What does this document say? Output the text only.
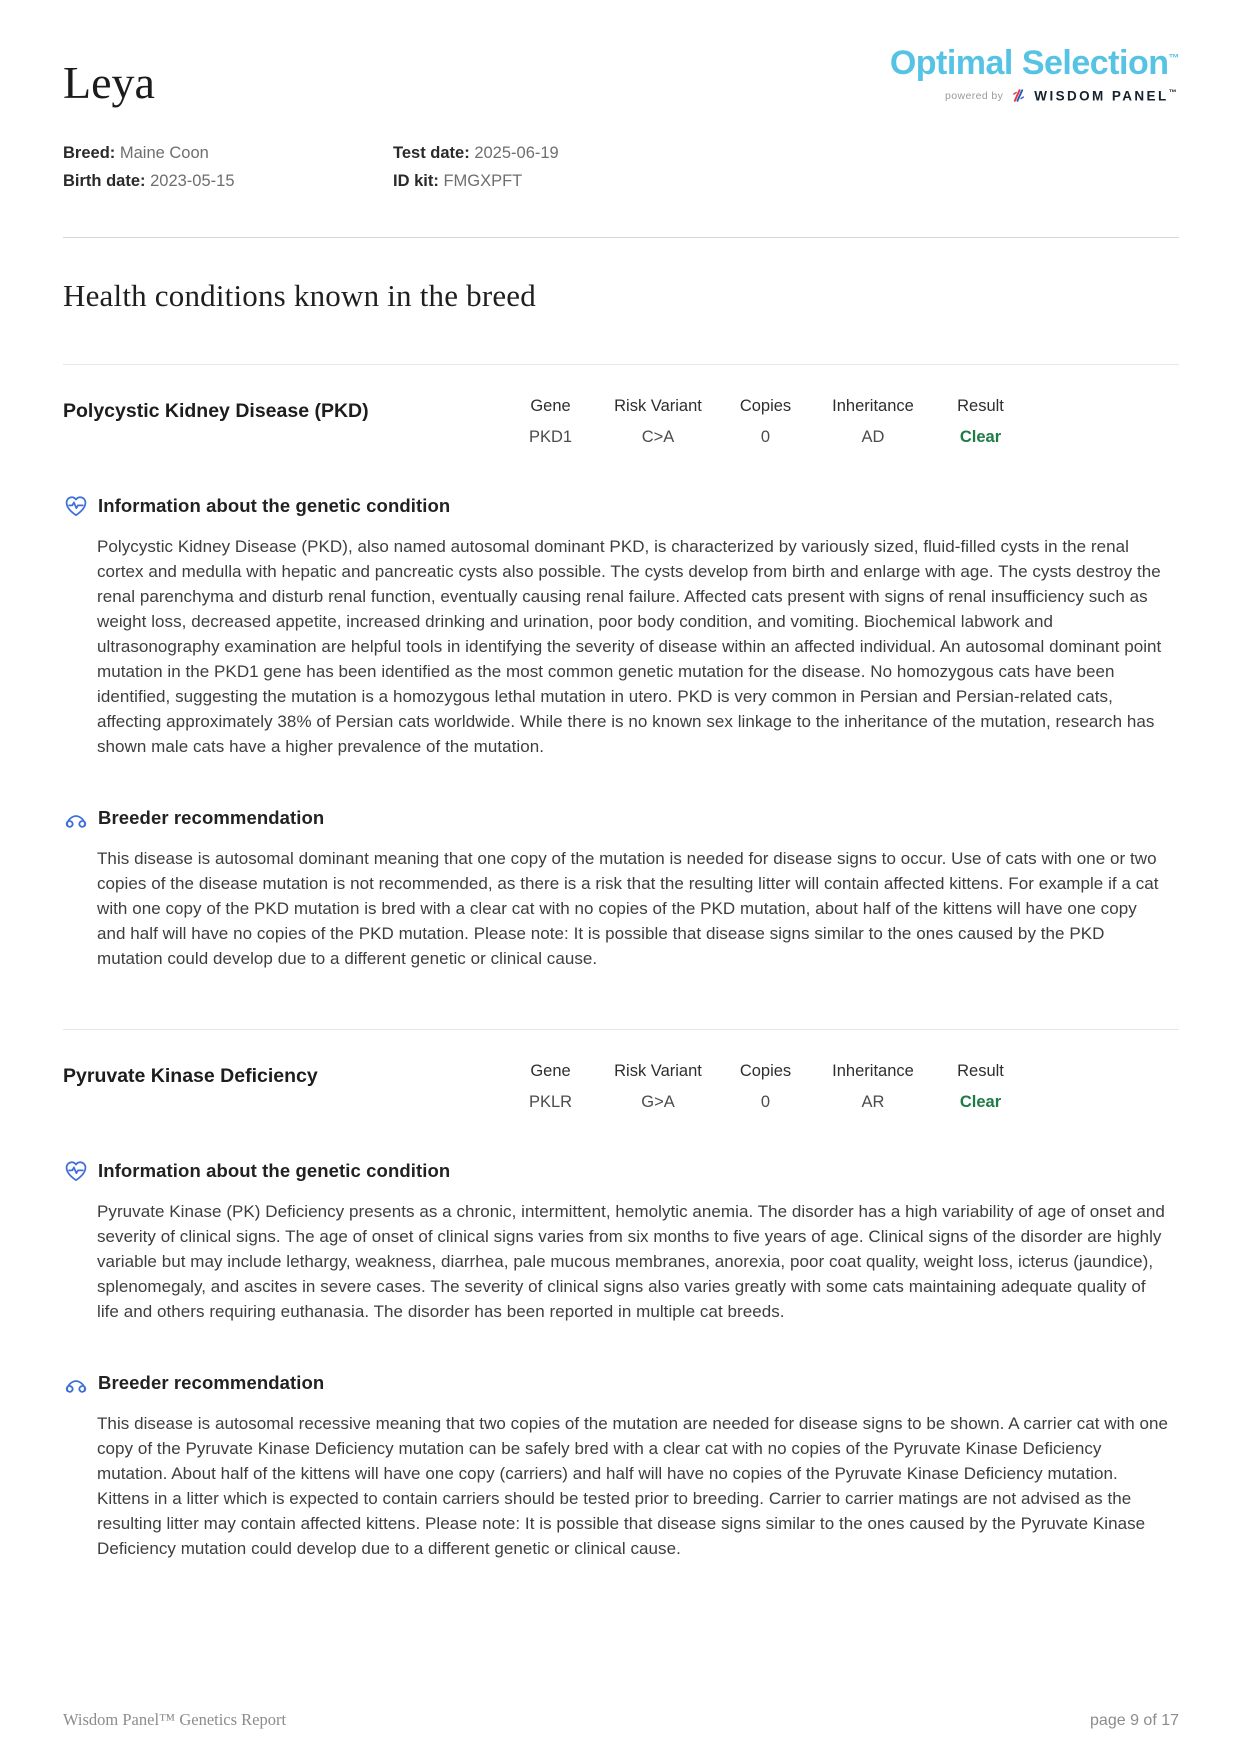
Leya	Optimal Selection™
powered by WISDOM PANEL™
Breed: Maine Coon
Birth date: 2023-05-15
Test date: 2025-06-19
ID kit: FMGXPFT
Health conditions known in the breed
Polycystic Kidney Disease (PKD)	Gene	Risk Variant	Copies	Inheritance	Result
PKD1	C>A	0	AD	Clear
Information about the genetic condition

Polycystic Kidney Disease (PKD), also named autosomal dominant PKD, is characterized by variously sized, fluid-filled cysts in the renal cortex and medulla with hepatic and pancreatic cysts also possible. The cysts develop from birth and enlarge with age. The cysts destroy the renal parenchyma and disturb renal function, eventually causing renal failure. Affected cats present with signs of renal insufficiency such as weight loss, decreased appetite, increased drinking and urination, poor body condition, and vomiting. Biochemical labwork and ultrasonography examination are helpful tools in identifying the severity of disease within an affected individual. An autosomal dominant point mutation in the PKD1 gene has been identified as the most common genetic mutation for the disease. No homozygous cats have been identified, suggesting the mutation is a homozygous lethal mutation in utero. PKD is very common in Persian and Persian-related cats, affecting approximately 38% of Persian cats worldwide. While there is no known sex linkage to the inheritance of the mutation, research has shown male cats have a higher prevalence of the mutation.

Breeder recommendation

This disease is autosomal dominant meaning that one copy of the mutation is needed for disease signs to occur. Use of cats with one or two copies of the disease mutation is not recommended, as there is a risk that the resulting litter will contain affected kittens. For example if a cat with one copy of the PKD mutation is bred with a clear cat with no copies of the PKD mutation, about half of the kittens will have one copy and half will have no copies of the PKD mutation. Please note: It is possible that disease signs similar to the ones caused by the PKD mutation could develop due to a different genetic or clinical cause.

Pyruvate Kinase Deficiency	Gene	Risk Variant	Copies	Inheritance	Result
PKLR	G>A	0	AR	Clear
Information about the genetic condition

Pyruvate Kinase (PK) Deficiency presents as a chronic, intermittent, hemolytic anemia. The disorder has a high variability of age of onset and severity of clinical signs. The age of onset of clinical signs varies from six months to five years of age. Clinical signs of the disorder are highly variable but may include lethargy, weakness, diarrhea, pale mucous membranes, anorexia, poor coat quality, weight loss, icterus (jaundice), splenomegaly, and ascites in severe cases. The severity of clinical signs also varies greatly with some cats maintaining adequate quality of life and others requiring euthanasia. The disorder has been reported in multiple cat breeds.

Breeder recommendation

This disease is autosomal recessive meaning that two copies of the mutation are needed for disease signs to be shown. A carrier cat with one copy of the Pyruvate Kinase Deficiency mutation can be safely bred with a clear cat with no copies of the Pyruvate Kinase Deficiency mutation. About half of the kittens will have one copy (carriers) and half will have no copies of the Pyruvate Kinase Deficiency mutation. Kittens in a litter which is expected to contain carriers should be tested prior to breeding. Carrier to carrier matings are not advised as the resulting litter may contain affected kittens. Please note: It is possible that disease signs similar to the ones caused by the Pyruvate Kinase Deficiency mutation could develop due to a different genetic or clinical cause.

Wisdom Panel™ Genetics Report	page 9 of 17
